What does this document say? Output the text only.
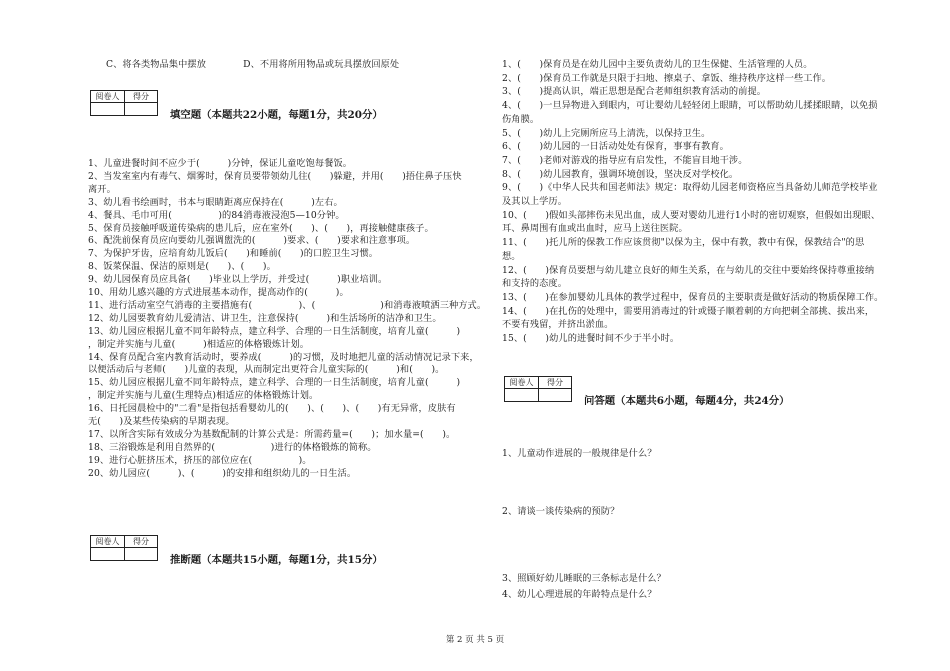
C、将各类物品集中摆放　　　　D、不用将所用物品或玩具摆放回原处
阅卷人	得分
填空题（本题共22小题，每题1分，共20分）
1、儿童进餐时间不应少于(　　　)分钟，保证儿童吃饱每餐饭。
2、当发室室内有毒气、烟雾时，保育员要带领幼儿往(　　)躲避，并用(　　)捂住鼻子压快
离开。
3、幼儿看书绘画时，书本与眼睛距离应保持在(　　　)左右。
4、餐具、毛巾可用(　　　　　)的84消毒液浸泡5—10分钟。
5、保育员接触呼吸道传染病的患儿后，应在室外(　　)、(　　)，再接触健康孩子。
6、配洗前保育员应向要幼儿强调盥洗的(　　　)要求、(　　)要求和注意事项。
7、为保护牙齿，应培育幼儿饭后(　　)和睡前(　　)的口腔卫生习惯。
8、饭菜保温、保洁的原则是(　　)、(　　)。
9、幼儿园保育员应具备(　　)毕业以上学历，并受过(　　　)职业培训。
10、用幼儿感兴趣的方式进展基本动作，提高动作的(　　　)。
11、进行活动室空气消毒的主要措施有(　　　　　)、(　　　　　　　)和消毒液喷洒三种方式。
12、幼儿园要教育幼儿爱清洁、讲卫生，注意保持(　　　)和生活场所的洁净和卫生。
13、幼儿园应根据儿童不同年龄特点，建立科学、合理的一日生活制度，培育儿童(　　　)
，制定并实施与儿童(　　　)相适应的体格锻炼计划。
14、保育员配合室内教育活动时，要养成(　　　)的习惯，及时地把儿童的活动情况记录下来，
以便活动后与老师(　　)儿童的表现，从而制定出更符合儿童实际的(　　　)和(　　)。
15、幼儿园应根据儿童不同年龄特点，建立科学、合理的一日生活制度，培育儿童(　　　)
，制定并实施与儿童(生理特点)相适应的体格锻炼计划。
16、日托园晨检中的"二看"是指包括看婴幼儿的(　　)、(　　)、(　　)有无异常，皮肤有
无(　　)及某些传染病的早期表现。
17、以所含实际有效成分为基数配制的计算公式是：所需药量=(　　)；加水量=(　　)。
18、三浴锻炼是利用自然界的(　　　　　　)进行的体格锻炼的简称。
19、进行心脏挤压术，挤压的部位应在(　　　　　)。
20、幼儿园应(　　　)、(　　　)的安排和组织幼儿的一日生活。
阅卷人	得分
推断题（本题共15小题，每题1分，共15分）
1、(　　)保育员是在幼儿园中主要负责幼儿的卫生保健、生活管理的人员。
2、(　　)保育员工作就是只限于扫地、擦桌子、拿饭、维持秩序这样一些工作。
3、(　　)提高认识，端正思想是配合老师组织教育活动的前提。
4、(　　)一旦异物进入到眼内，可让婴幼儿轻轻闭上眼睛，可以帮助幼儿揉揉眼睛，以免损
伤角膜。
5、(　　)幼儿上完厕所应马上清洗，以保持卫生。
6、(　　)幼儿园的一日活动处处有保育，事事有教育。
7、(　　)老师对游戏的指导应有启发性，不能盲目地干涉。
8、(　　)幼儿园教育，强调环境创设，坚决反对学校化。
9、(　　)《中华人民共和国老师法》规定：取得幼儿园老师资格应当具备幼儿师范学校毕业
及其以上学历。
10、(　　)假如头部摔伤未见出血，成人要对婴幼儿进行1小时的密切观察，但假如出现眼、
耳、鼻周围有血或出血时，应马上送往医院。
11、(　　)托儿所的保教工作应该贯彻"以保为主，保中有教，教中有保，保教结合"的思
想。
12、(　　)保育员要想与幼儿建立良好的师生关系，在与幼儿的交往中要始终保持尊重接纳
和支持的态度。
13、(　　)在参加婴幼儿具体的教学过程中，保育员的主要职责是做好活动的物质保障工作。
14、(　　)在扎伤的处理中，需要用消毒过的针或镊子顺着刺的方向把刺全部挑、拔出来，
不要有残留，并挤出淤血。
15、(　　)幼儿的进餐时间不少于半小时。
阅卷人	得分
问答题（本题共6小题，每题4分，共24分）
1、儿童动作进展的一般规律是什么？
2、请谈一谈传染病的预防？
3、照顾好幼儿睡眠的三条标志是什么？
4、幼儿心理进展的年龄特点是什么？
第 2 页 共 5 页
